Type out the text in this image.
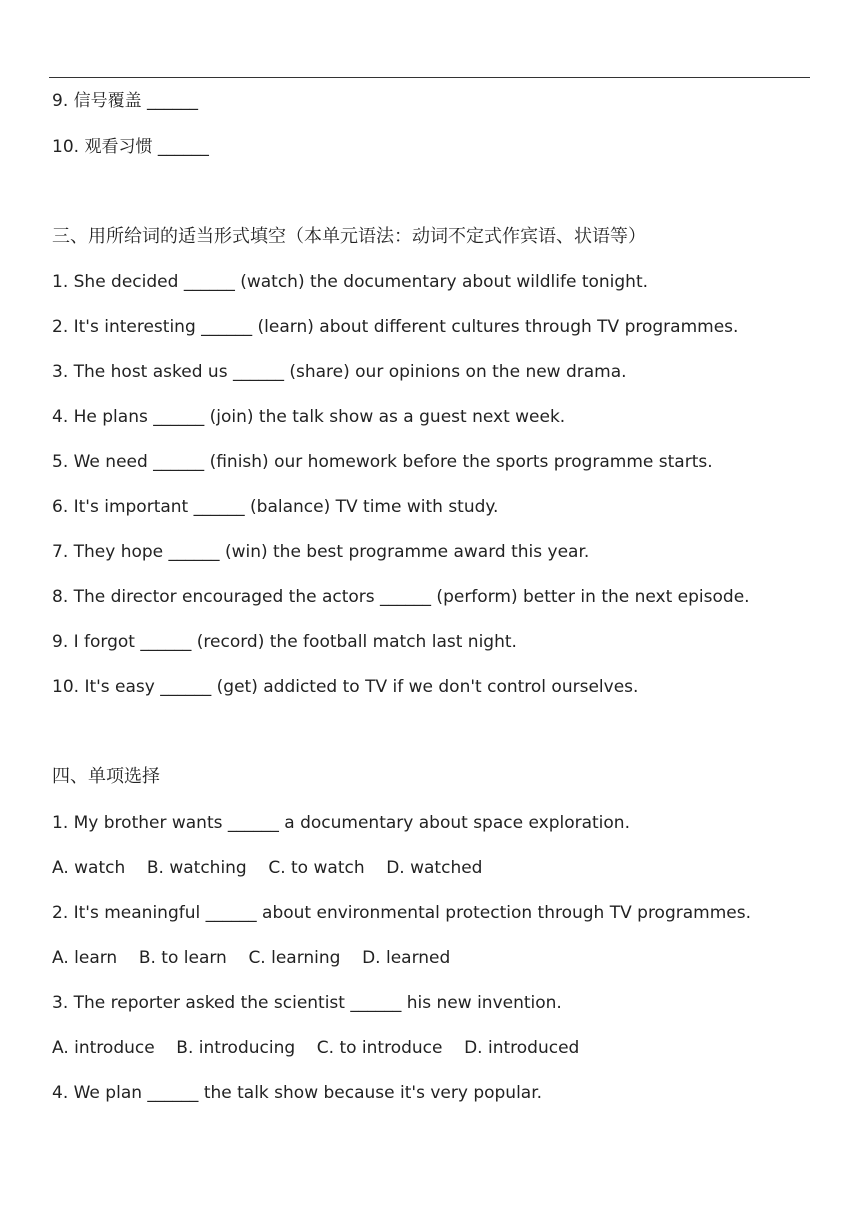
9. 信号覆盖 ______
10. 观看习惯 ______
三、用所给词的适当形式填空（本单元语法：动词不定式作宾语、状语等）
1. She decided ______ (watch) the documentary about wildlife tonight.
2. It's interesting ______ (learn) about different cultures through TV programmes.
3. The host asked us ______ (share) our opinions on the new drama.
4. He plans ______ (join) the talk show as a guest next week.
5. We need ______ (finish) our homework before the sports programme starts.
6. It's important ______ (balance) TV time with study.
7. They hope ______ (win) the best programme award this year.
8. The director encouraged the actors ______ (perform) better in the next episode.
9. I forgot ______ (record) the football match last night.
10. It's easy ______ (get) addicted to TV if we don't control ourselves.
四、单项选择
1. My brother wants ______ a documentary about space exploration.
A. watch    B. watching    C. to watch    D. watched
2. It's meaningful ______ about environmental protection through TV programmes.
A. learn    B. to learn    C. learning    D. learned
3. The reporter asked the scientist ______ his new invention.
A. introduce    B. introducing    C. to introduce    D. introduced
4. We plan ______ the talk show because it's very popular.
